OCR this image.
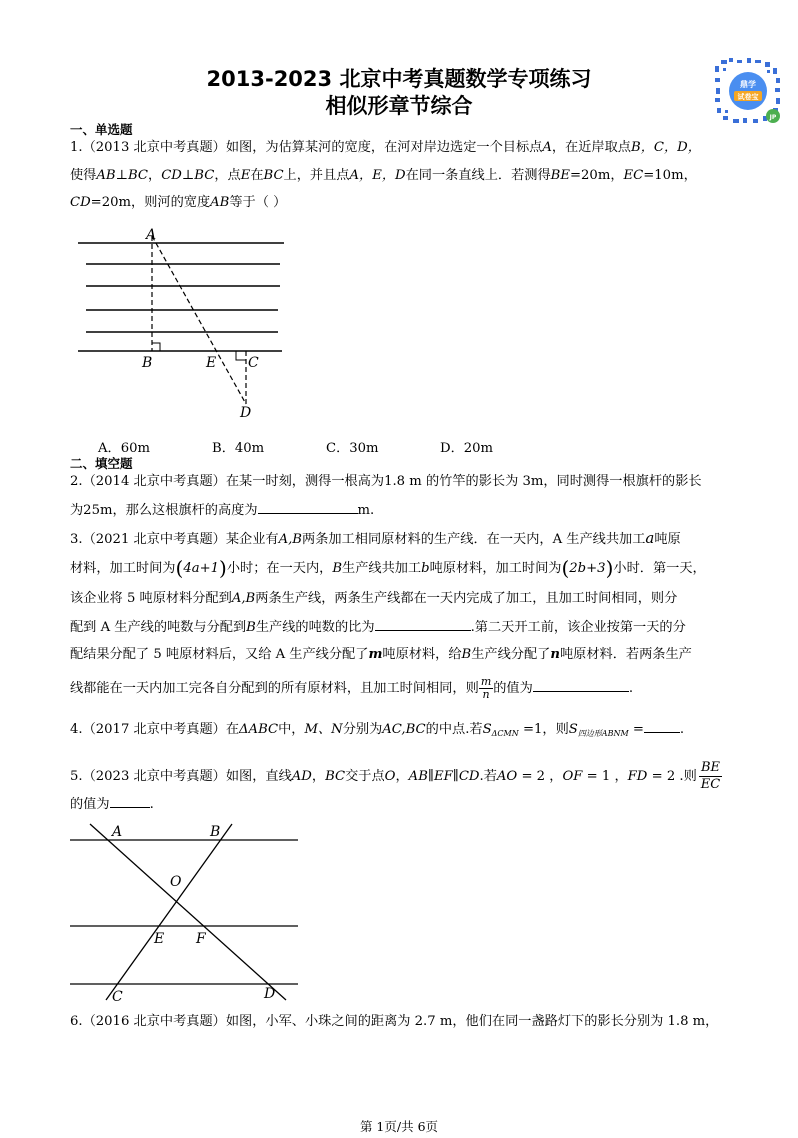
2013-2023 北京中考真题数学专项练习
相似形章节综合
鼎学
试卷宝
JP
一、单选题
1.（2013 北京中考真题）如图，为估算某河的宽度，在河对岸边选定一个目标点A，在近岸取点B，C，D，
使得AB⊥BC，CD⊥BC，点E在BC上，并且点A，E，D在同一条直线上．若测得BE=20m，EC=10m，
CD=20m，则河的宽度AB等于（ ）
A
B	E C
D
A．60m	B．40m	C．30m	D．20m
二、填空题
2.（2014 北京中考真题）在某一时刻，测得一根高为1.8 m 的竹竿的影长为 3m，同时测得一根旗杆的影长
为25m，那么这根旗杆的高度为	m.
3.（2021 北京中考真题）某企业有A,B两条加工相同原材料的生产线．在一天内，A 生产线共加工a吨原
材料，加工时间为(4a+1)小时；在一天内，B生产线共加工b吨原材料，加工时间为(2b+3)小时．第一天，
该企业将 5 吨原材料分配到A,B两条生产线，两条生产线都在一天内完成了加工，且加工时间相同，则分
配到 A 生产线的吨数与分配到B生产线的吨数的比为	.第二天开工前，该企业按第一天的分
配结果分配了 5 吨原材料后，又给 A 生产线分配了m吨原材料，给B生产线分配了n吨原材料．若两条生产
线都能在一天内加工完各自分配到的所有原材料，且加工时间相同，则 $\frac{m}{n}$ 的值为	.
4.（2017 北京中考真题）在ΔABC中，M、N分别为AC,BC的中点.若$S_{\Delta CMN} =1$，则$S_{四边形ABNM}$ =	.
5.（2023 北京中考真题）如图，直线AD，BC交于点O，AB∥EF∥CD.若AO = 2 ，OF = 1 ，FD = 2 .则 $\frac{BE}{EC}$
的值为	.
A	B
O
E F
C	D
6.（2016 北京中考真题）如图，小军、小珠之间的距离为 2.7 m，他们在同一盏路灯下的影长分别为 1.8 m，
第 1页/共 6页
